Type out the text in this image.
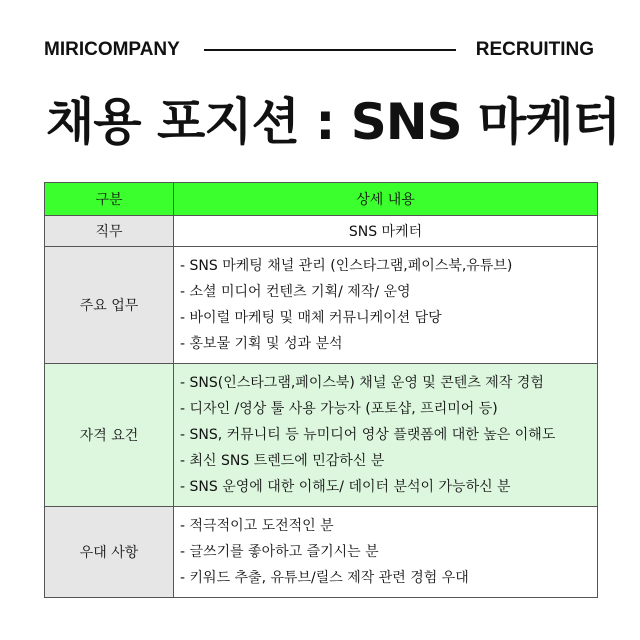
MIRICOMPANY	RECRUITING
채용 포지션 : SNS 마케터
구분	상세 내용
직무	SNS 마케터
주요 업무	- SNS 마케팅 채널 관리 (인스타그램,페이스북,유튜브)
- 소셜 미디어 컨텐츠 기획/ 제작/ 운영
- 바이럴 마케팅 및 매체 커뮤니케이션 담당
- 홍보물 기획 및 성과 분석

자격 요건	- SNS(인스타그램,페이스북) 채널 운영 및 콘텐츠 제작 경험
- 디자인 /영상 툴 사용 가능자 (포토샵, 프리미어 등)
- SNS, 커뮤니티 등 뉴미디어 영상 플랫폼에 대한 높은 이해도
- 최신 SNS 트렌드에 민감하신 분
- SNS 운영에 대한 이해도/ 데이터 분석이 가능하신 분

우대 사항	- 적극적이고 도전적인 분
- 글쓰기를 좋아하고 즐기시는 분
- 키워드 추출, 유튜브/릴스 제작 관련 경험 우대
